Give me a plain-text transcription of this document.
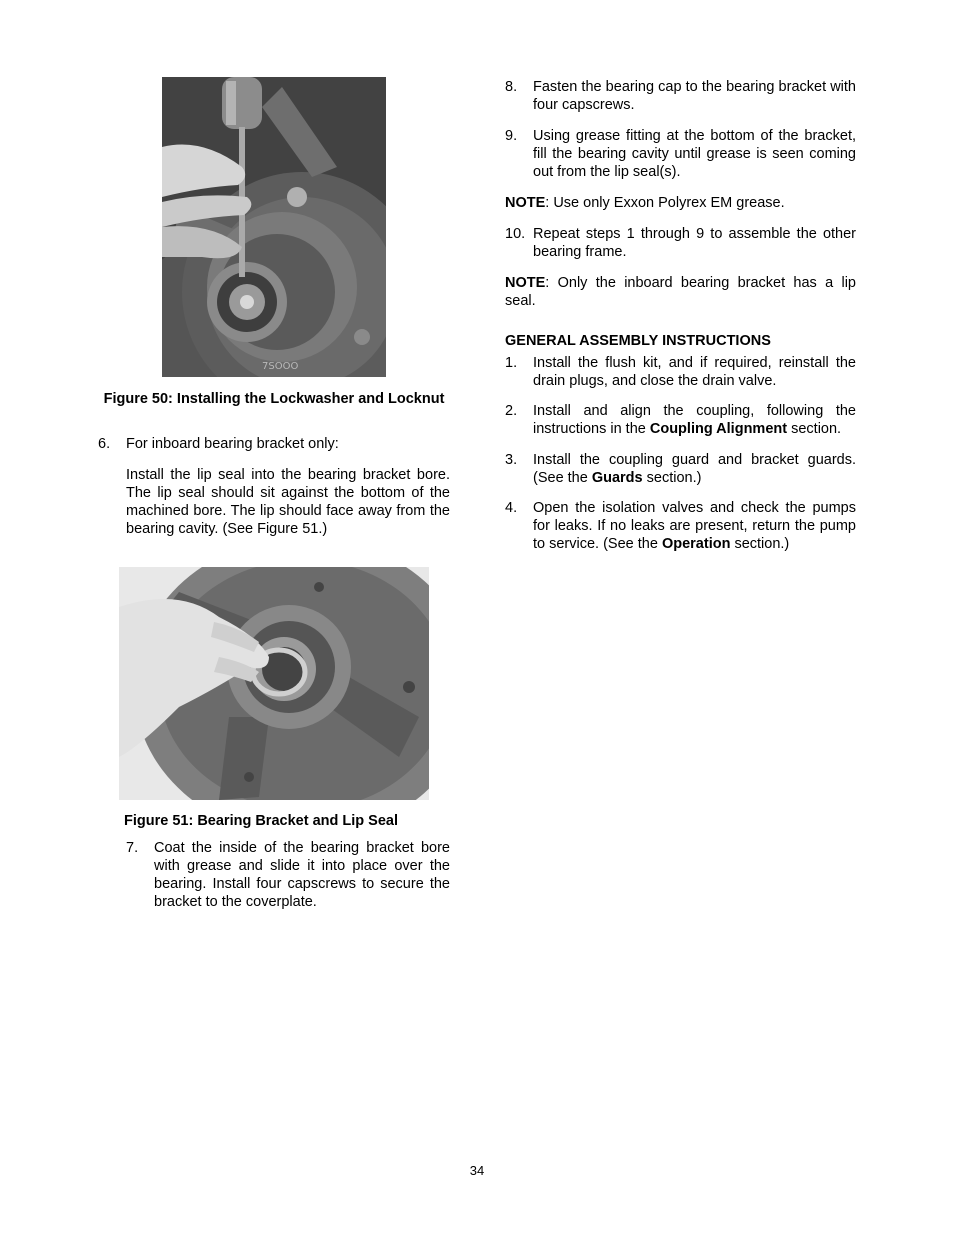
7SOOO
Figure 50: Installing the Lockwasher and Locknut
6. For inboard bearing bracket only:

Install the lip seal into the bearing bracket bore. The lip seal should sit against the bottom of the machined bore. The lip should face away from the bearing cavity. (See Figure 51.)

Figure 51: Bearing Bracket and Lip Seal
7.	Coat the inside of the bearing bracket bore with grease and slide it into place over the bearing. Install four capscrews to secure the bracket to the coverplate.
8. Fasten the bearing cap to the bearing bracket with four capscrews.
9. Using grease fitting at the bottom of the bracket, fill the bearing cavity until grease is seen coming out from the lip seal(s).

NOTE: Use only Exxon Polyrex EM grease.

10. Repeat steps 1 through 9 to assemble the other bearing frame.

NOTE: Only the inboard bearing bracket has a lip seal.

GENERAL ASSEMBLY INSTRUCTIONS
1. Install the flush kit, and if required, reinstall the drain plugs, and close the drain valve.
2. Install and align the coupling, following the instructions in the Coupling Alignment section.
3. Install the coupling guard and bracket guards. (See the Guards section.)
4. Open the isolation valves and check the pumps for leaks. If no leaks are present, return the pump to service. (See the Operation section.)
34
